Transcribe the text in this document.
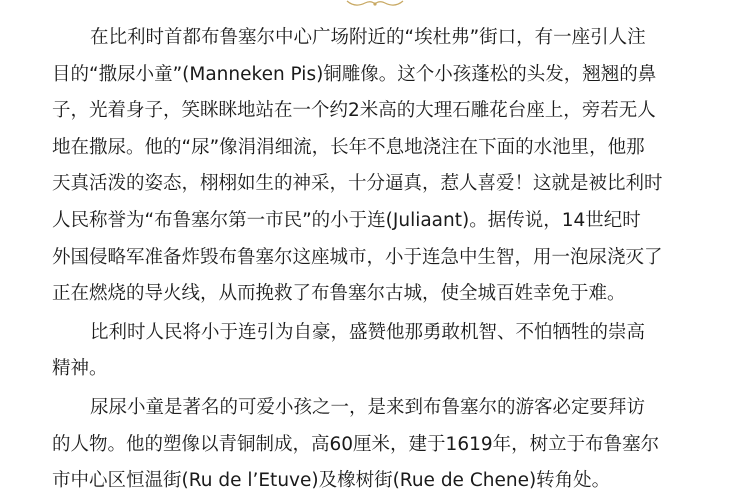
在比利时首都布鲁塞尔中心广场附近的“埃杜弗”街口，有一座引人注
目的“撒尿小童”(Manneken Pis)铜雕像。这个小孩蓬松的头发，翘翘的鼻
子，光着身子，笑眯眯地站在一个约2米高的大理石雕花台座上，旁若无人
地在撒尿。他的“尿”像涓涓细流，长年不息地浇注在下面的水池里，他那
天真活泼的姿态，栩栩如生的神采，十分逼真，惹人喜爱！这就是被比利时
人民称誉为“布鲁塞尔第一市民”的小于连(Juliaant)。据传说，14世纪时
外国侵略军准备炸毁布鲁塞尔这座城市，小于连急中生智，用一泡尿浇灭了
正在燃烧的导火线，从而挽救了布鲁塞尔古城，使全城百姓幸免于难。
比利时人民将小于连引为自豪，盛赞他那勇敢机智、不怕牺牲的崇高
精神。
尿尿小童是著名的可爱小孩之一，是来到布鲁塞尔的游客必定要拜访
的人物。他的塑像以青铜制成，高60厘米，建于1619年，树立于布鲁塞尔
市中心区恒温街(Ru de l’Etuve)及橡树街(Rue de Chene)转角处。
